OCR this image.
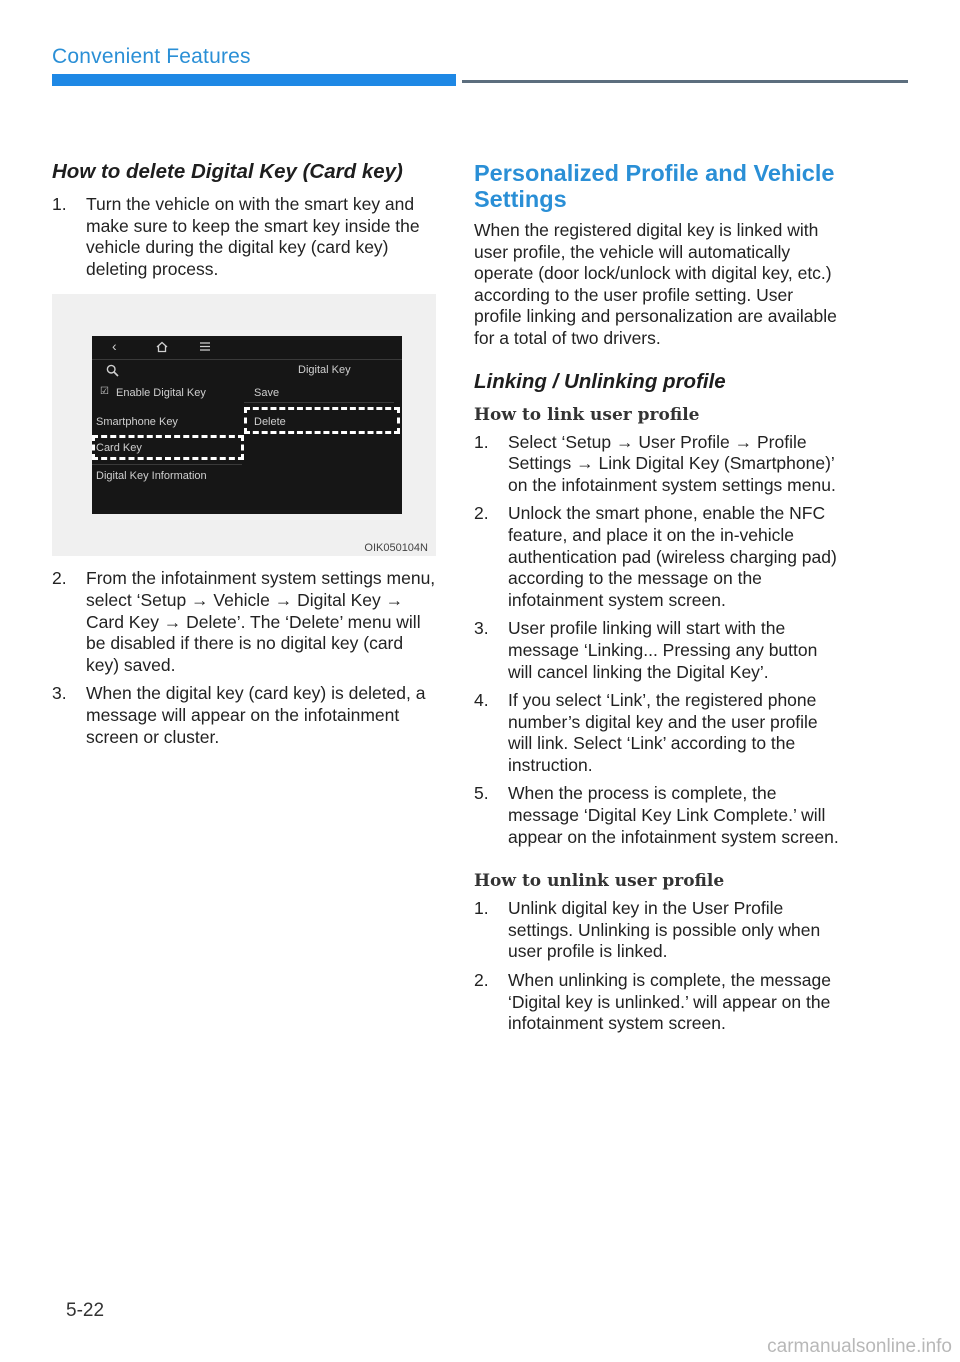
Convenient Features
How to delete Digital Key (Card key)
1. Turn the vehicle on with the smart key and make sure to keep the smart key inside the vehicle during the digital key (card key) deleting process.
‹
Digital Key
☑ Enable Digital Key	Save
Smartphone Key	Delete
Card Key
Digital Key Information
OIK050104N
2. From the infotainment system settings menu, select ‘Setup → Vehicle → Digital Key → Card Key → Delete’. The ‘Delete’ menu will be disabled if there is no digital key (card key) saved.
3. When the digital key (card key) is deleted, a message will appear on the infotainment screen or cluster.
Personalized Profile and Vehicle Settings

When the registered digital key is linked with user profile, the vehicle will automatically operate (door lock/unlock with digital key, etc.) according to the user profile setting. User profile linking and personalization are available for a total of two drivers.

Linking / Unlinking profile
How to link user profile
1. Select ‘Setup → User Profile → Profile Settings → Link Digital Key (Smartphone)’ on the infotainment system settings menu.
2. Unlock the smart phone, enable the NFC feature, and place it on the in-vehicle authentication pad (wireless charging pad) according to the message on the infotainment system screen.
3. User profile linking will start with the message ‘Linking... Pressing any button will cancel linking the Digital Key’.
4. If you select ‘Link’, the registered phone number’s digital key and the user profile will link. Select ‘Link’ according to the instruction.
5. When the process is complete, the message ‘Digital Key Link Complete.’ will appear on the infotainment system screen.
How to unlink user profile
1. Unlink digital key in the User Profile settings. Unlinking is possible only when user profile is linked.
2. When unlinking is complete, the message ‘Digital key is unlinked.’ will appear on the infotainment system screen.
5-22
carmanualsonline.info
